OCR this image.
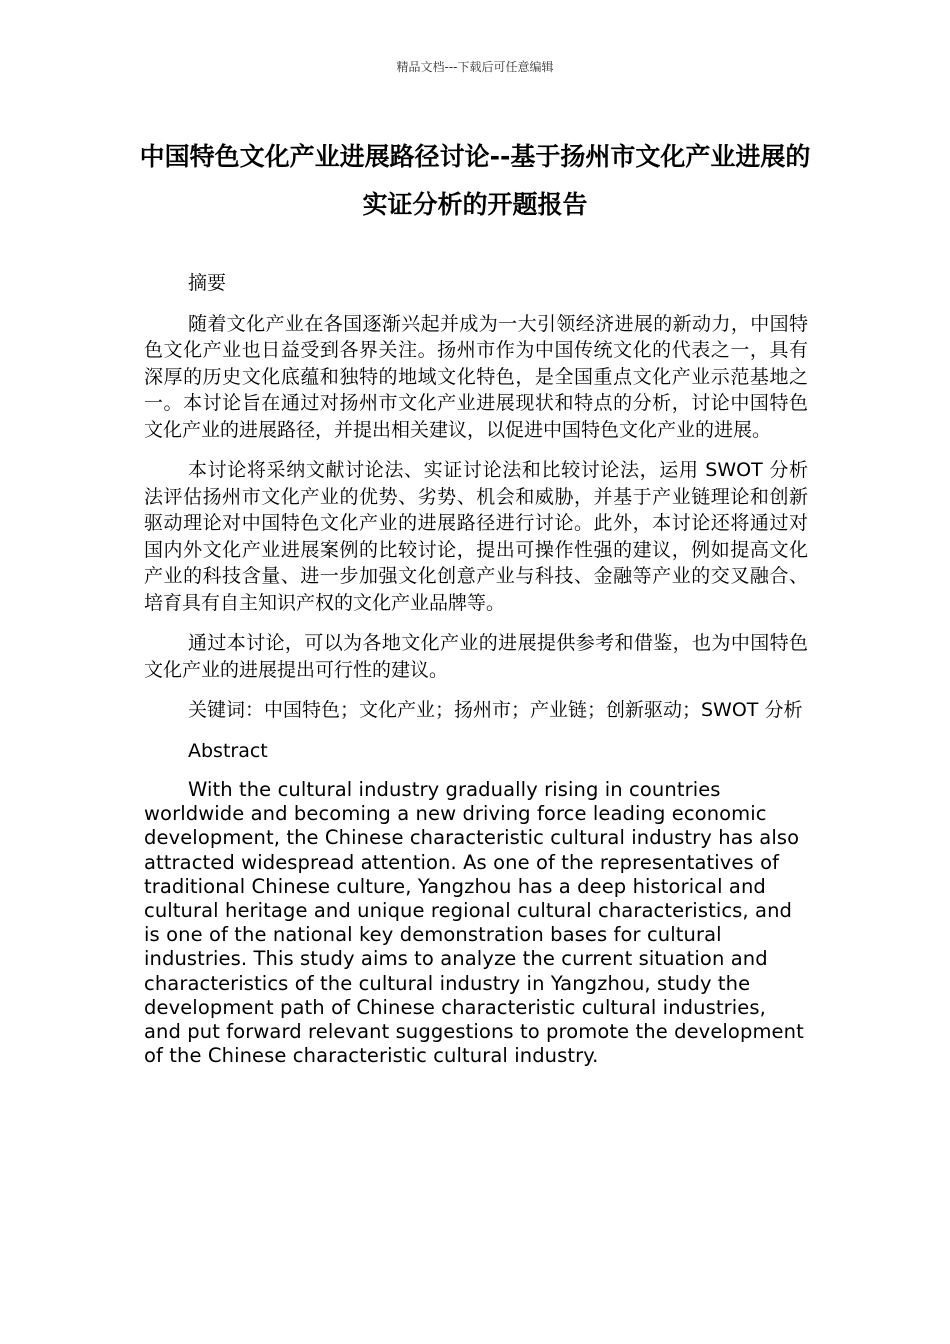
精品文档---下载后可任意编辑
中国特色文化产业进展路径讨论--基于扬州市文化产业进展的实证分析的开题报告

摘要

随着文化产业在各国逐渐兴起并成为一大引领经济进展的新动力，中国特色文化产业也日益受到各界关注。扬州市作为中国传统文化的代表之一，具有深厚的历史文化底蕴和独特的地域文化特色，是全国重点文化产业示范基地之一。本讨论旨在通过对扬州市文化产业进展现状和特点的分析，讨论中国特色文化产业的进展路径，并提出相关建议，以促进中国特色文化产业的进展。

本讨论将采纳文献讨论法、实证讨论法和比较讨论法，运用 SWOT 分析法评估扬州市文化产业的优势、劣势、机会和威胁，并基于产业链理论和创新驱动理论对中国特色文化产业的进展路径进行讨论。此外，本讨论还将通过对国内外文化产业进展案例的比较讨论，提出可操作性强的建议，例如提高文化产业的科技含量、进一步加强文化创意产业与科技、金融等产业的交叉融合、培育具有自主知识产权的文化产业品牌等。

通过本讨论，可以为各地文化产业的进展提供参考和借鉴，也为中国特色文化产业的进展提出可行性的建议。

关键词：中国特色；文化产业；扬州市；产业链；创新驱动；SWOT 分析

Abstract

With the cultural industry gradually rising in countries worldwide and becoming a new driving force leading economic development, the Chinese characteristic cultural industry has also attracted widespread attention. As one of the representatives of traditional Chinese culture, Yangzhou has a deep historical and cultural heritage and unique regional cultural characteristics, and is one of the national key demonstration bases for cultural industries. This study aims to analyze the current situation and characteristics of the cultural industry in Yangzhou, study the development path of Chinese characteristic cultural industries, and put forward relevant suggestions to promote the development of the Chinese characteristic cultural industry.
